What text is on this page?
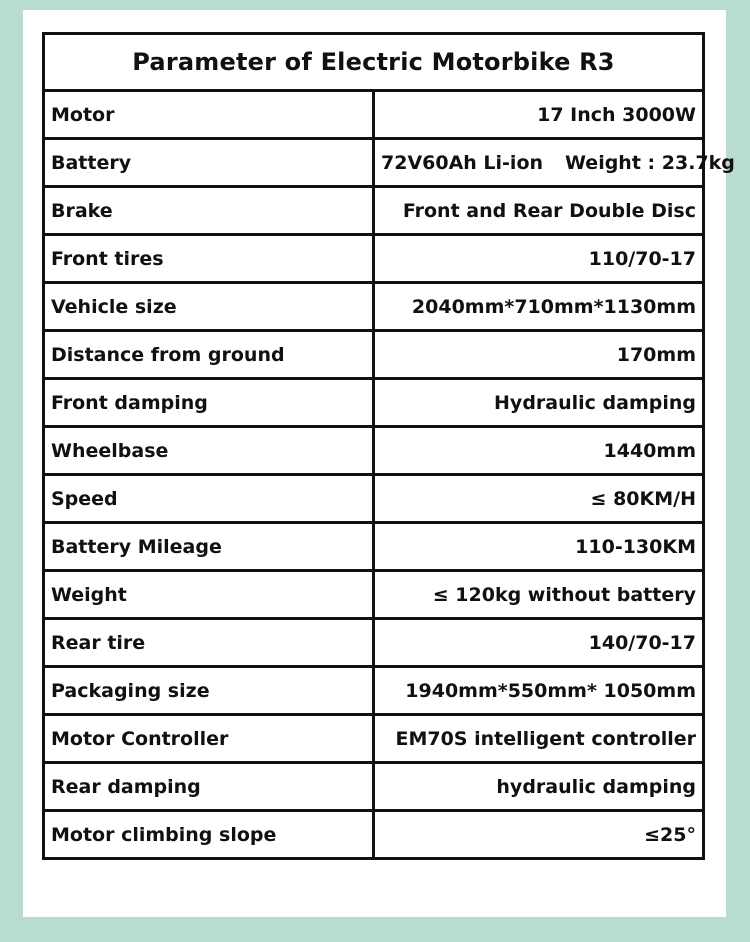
Parameter of Electric Motorbike R3	
Motor	17 Inch 3000W
Battery	72V60Ah Li-ion Weight : 23.7kg
Brake	Front and Rear Double Disc
Front tires	110/70-17
Vehicle size	2040mm*710mm*1130mm
Distance from ground	170mm
Front damping	Hydraulic damping
Wheelbase	1440mm
Speed	≤ 80KM/H
Battery Mileage	110-130KM
Weight	≤ 120kg without battery
Rear tire	140/70-17
Packaging size	1940mm*550mm* 1050mm
Motor Controller	EM70S intelligent controller
Rear damping	hydraulic damping
Motor climbing slope	≤25°
